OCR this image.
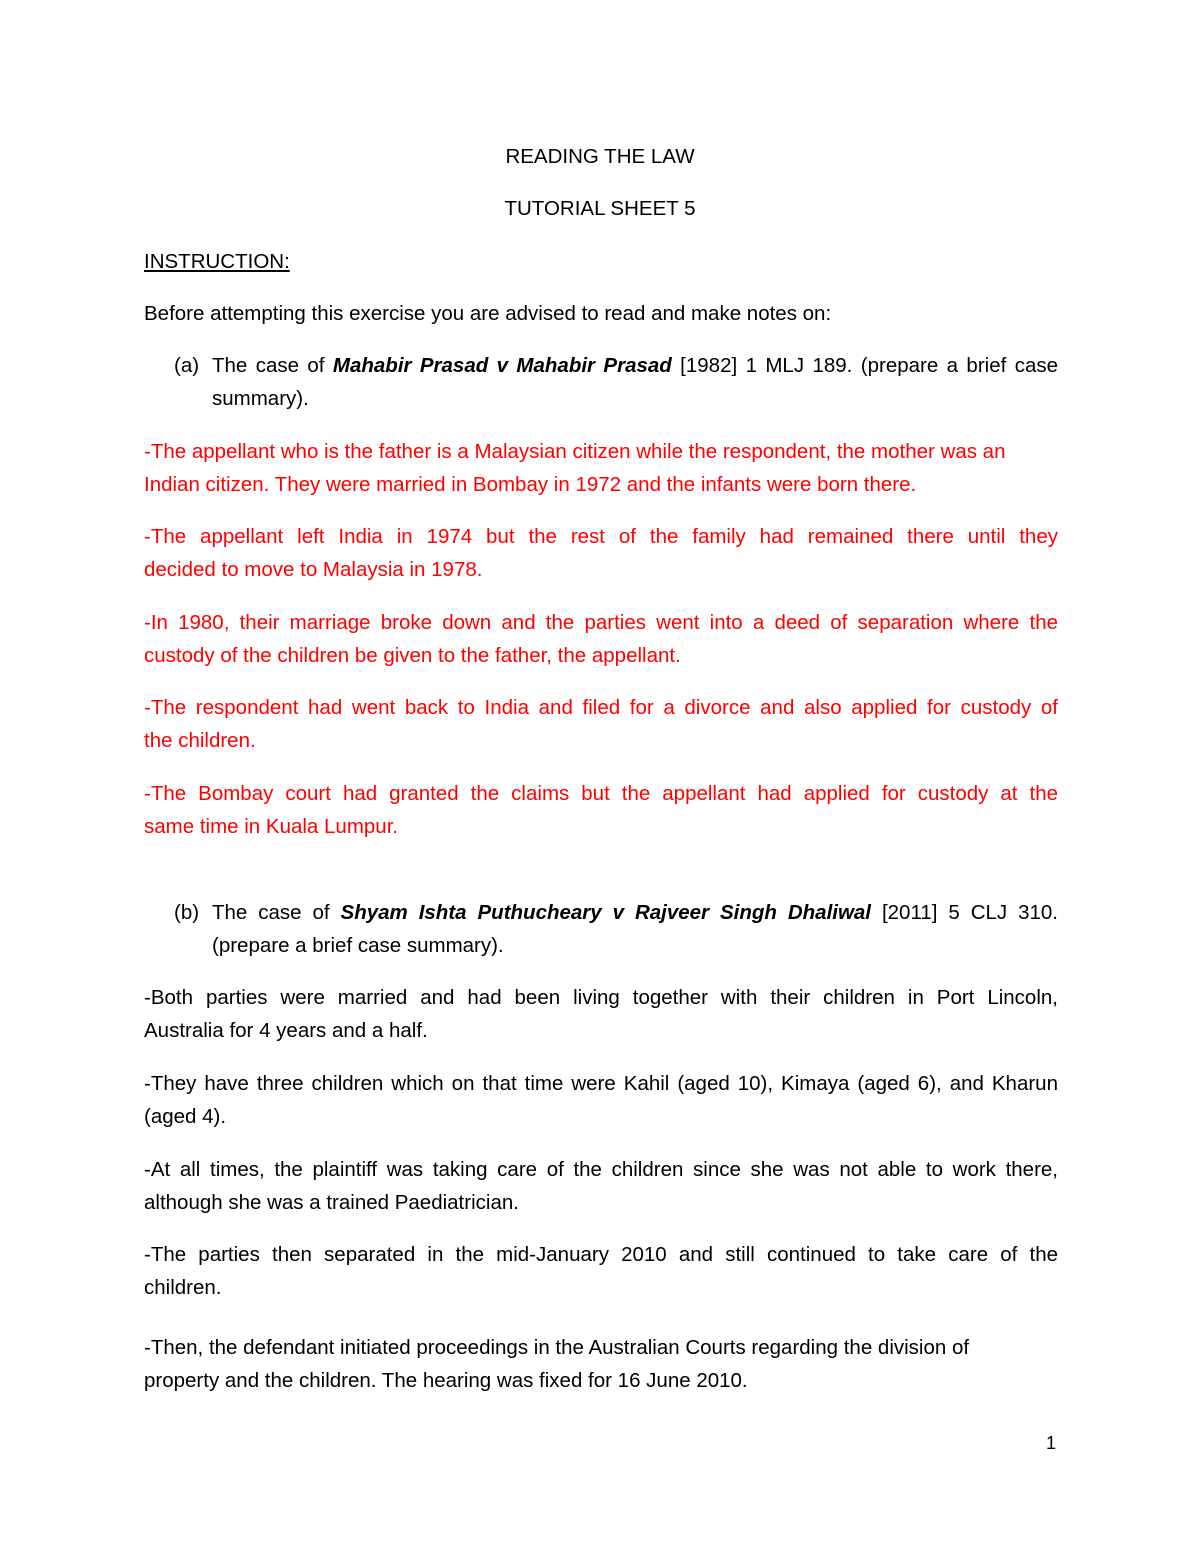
READING THE LAW
TUTORIAL SHEET 5
INSTRUCTION:
Before attempting this exercise you are advised to read and make notes on:
(a) The case of Mahabir Prasad v Mahabir Prasad [1982] 1 MLJ 189. (prepare a brief case
summary).
-The appellant who is the father is a Malaysian citizen while the respondent, the mother was an
Indian citizen. They were married in Bombay in 1972 and the infants were born there.
-The appellant left India in 1974 but the rest of the family had remained there until they
decided to move to Malaysia in 1978.
-In 1980, their marriage broke down and the parties went into a deed of separation where the
custody of the children be given to the father, the appellant.
-The respondent had went back to India and filed for a divorce and also applied for custody of
the children.
-The Bombay court had granted the claims but the appellant had applied for custody at the
same time in Kuala Lumpur.
(b) The case of Shyam Ishta Puthucheary v Rajveer Singh Dhaliwal [2011] 5 CLJ 310.
(prepare a brief case summary).
-Both parties were married and had been living together with their children in Port Lincoln,
Australia for 4 years and a half.
-They have three children which on that time were Kahil (aged 10), Kimaya (aged 6), and Kharun
(aged 4).
-At all times, the plaintiff was taking care of the children since she was not able to work there,
although she was a trained Paediatrician.
-The parties then separated in the mid-January 2010 and still continued to take care of the
children.
-Then, the defendant initiated proceedings in the Australian Courts regarding the division of
property and the children. The hearing was fixed for 16 June 2010.
1
